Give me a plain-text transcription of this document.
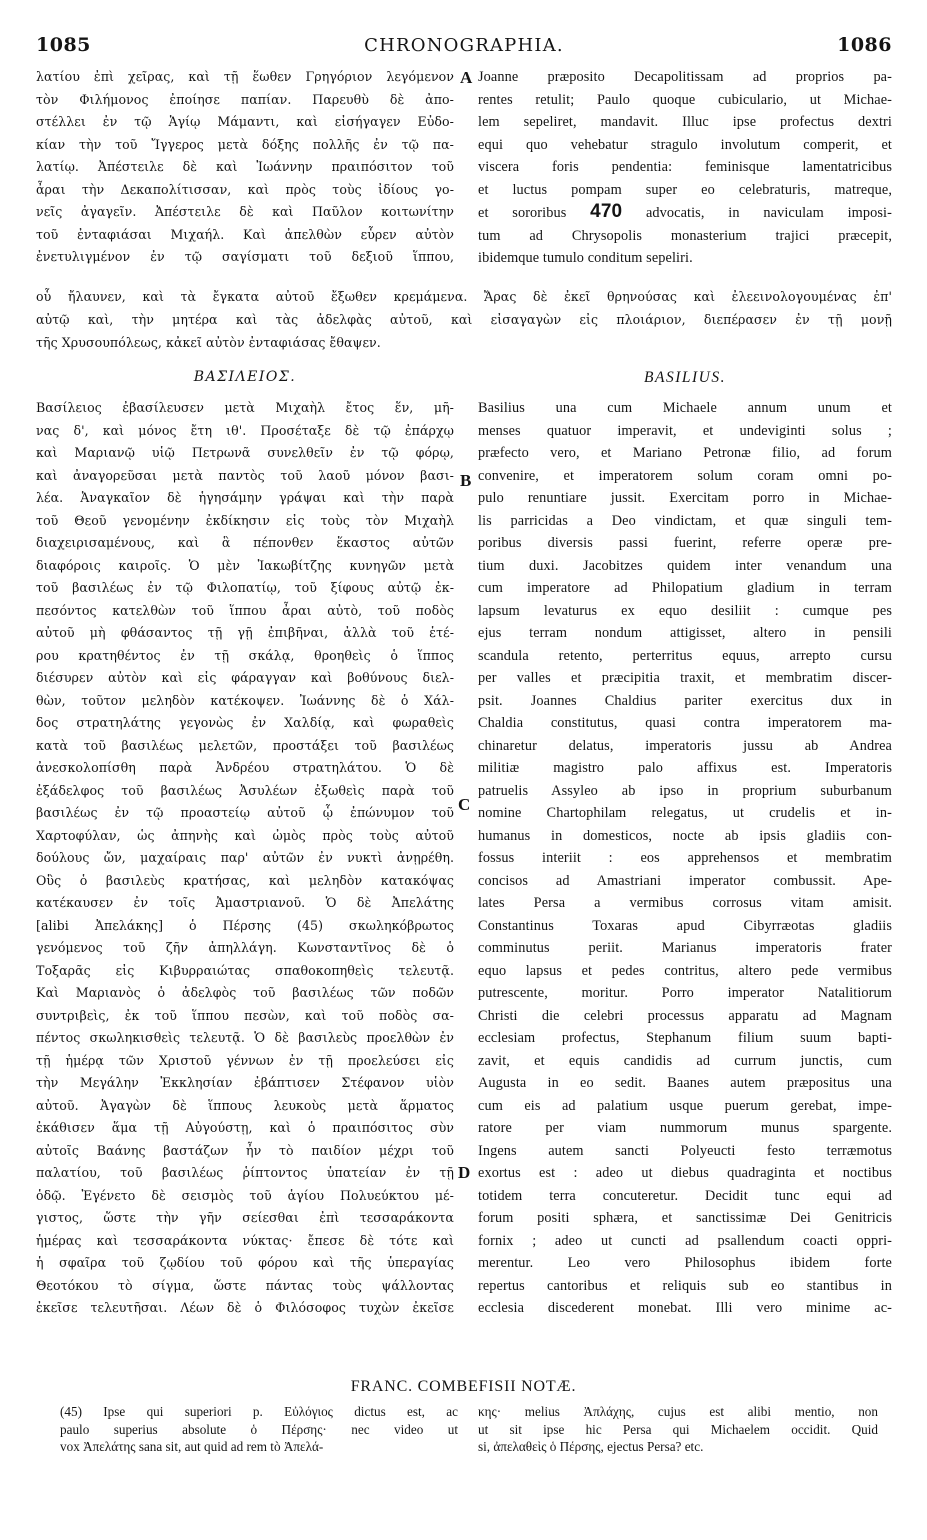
1085	CHRONOGRAPHIA.	1086
λατίου ἐπὶ χεῖρας, καὶ τῇ ἕωθεν Γρηγόριον λεγόμενον
τὸν Φιλήμονος ἐποίησε παπίαν. Παρευθὺ δὲ ἀπο-
στέλλει ἐν τῷ Ἁγίῳ Μάμαντι, καὶ εἰσήγαγεν Εὐδο-
κίαν τὴν τοῦ Ἴγγερος μετὰ δόξης πολλῆς ἐν τῷ πα-
λατίῳ. Ἀπέστειλε δὲ καὶ Ἰωάννην πραιπόσιτον τοῦ
ἆραι τὴν Δεκαπολίτισσαν, καὶ πρὸς τοὺς ἰδίους γο-
νεῖς ἀγαγεῖν. Ἀπέστειλε δὲ καὶ Παῦλον κοιτωνίτην
τοῦ ἐνταφιάσαι Μιχαήλ. Καὶ ἀπελθὼν εὗρεν αὐτὸν
ἐνετυλιγμένον ἐν τῷ σαγίσματι τοῦ δεξιοῦ ἵππου,
A Joanne præposito Decapolitissam ad proprios pa-
rentes retulit; Paulo quoque cubiculario, ut Michae-
lem sepeliret, mandavit. Illuc ipse profectus dextri
equi quo vehebatur stragulo involutum comperit, et
viscera foris pendentia: feminisque lamentatricibus
et luctus pompam super eo celebraturis, matreque,
et sororibus 470 advocatis, in naviculam imposi-
tum ad Chrysopolis monasterium trajici præcepit,
ibidemque tumulo conditum sepeliri.
οὗ ἤλαυνεν, καὶ τὰ ἔγκατα αὐτοῦ ἔξωθεν κρεμάμενα. Ἄρας δὲ ἐκεῖ θρηνούσας καὶ ἐλεεινολογουμένας ἐπ'
αὐτῷ καὶ, τὴν μητέρα καὶ τὰς ἀδελφὰς αὐτοῦ, καὶ εἰσαγαγὼν εἰς πλοιάριον, διεπέρασεν ἐν τῇ μονῇ
τῆς Χρυσουπόλεως, κἀκεῖ αὐτὸν ἐνταφιάσας ἔθαψεν.
ΒΑΣΙΛΕΙΟΣ.	BASILIUS.
Βασίλειος ἐβασίλευσεν μετὰ Μιχαὴλ ἔτος ἕν, μῆ-
νας δ', καὶ μόνος ἔτη ιθ'. Προσέταξε δὲ τῷ ἐπάρχῳ
καὶ Μαριανῷ υἱῷ Πετρωνᾶ συνελθεῖν ἐν τῷ φόρῳ,
καὶ ἀναγορεῦσαι μετὰ παντὸς τοῦ λαοῦ μόνον βασι-
λέα. Ἀναγκαῖον δὲ ἡγησάμην γράψαι καὶ τὴν παρὰ
τοῦ Θεοῦ γενομένην ἐκδίκησιν εἰς τοὺς τὸν Μιχαὴλ
διαχειρισαμένους, καὶ ἃ πέπονθεν ἕκαστος αὐτῶν
διαφόροις καιροῖς. Ὁ μὲν Ἰακωβίτζης κυνηγῶν μετὰ
τοῦ βασιλέως ἐν τῷ Φιλοπατίῳ, τοῦ ξίφους αὐτῷ ἐκ-
πεσόντος κατελθὼν τοῦ ἵππου ἆραι αὐτὸ, τοῦ ποδὸς
αὐτοῦ μὴ φθάσαντος τῇ γῇ ἐπιβῆναι, ἀλλὰ τοῦ ἑτέ-
ρου κρατηθέντος ἐν τῇ σκάλᾳ, θροηθεὶς ὁ ἵππος
διέσυρεν αὐτὸν καὶ εἰς φάραγγαν καὶ βοθύνους διελ-
θὼν, τοῦτον μεληδὸν κατέκοψεν. Ἰωάννης δὲ ὁ Χάλ-
δος στρατηλάτης γεγονὼς ἐν Χαλδίᾳ, καὶ φωραθεὶς
κατὰ τοῦ βασιλέως μελετῶν, προστάξει τοῦ βασιλέως
ἀνεσκολοπίσθη παρὰ Ἀνδρέου στρατηλάτου. Ὁ δὲ
ἐξάδελφος τοῦ βασιλέως Ἀσυλέων ἐξωθεὶς παρὰ τοῦ
βασιλέως ἐν τῷ προαστείῳ αὐτοῦ ᾧ ἐπώνυμον τοῦ
Χαρτοφύλαν, ὡς ἀπηνὴς καὶ ὠμὸς πρὸς τοὺς αὐτοῦ
δούλους ὤν, μαχαίραις παρ' αὐτῶν ἐν νυκτὶ ἀνῃρέθη.
Οὓς ὁ βασιλεὺς κρατήσας, καὶ μεληδὸν κατακόψας
κατέκαυσεν ἐν τοῖς Ἀμαστριανοῦ. Ὁ δὲ Ἀπελάτης
[alibi Ἀπελάκης] ὁ Πέρσης (45) σκωληκόβρωτος
γενόμενος τοῦ ζῆν ἀπηλλάγη. Κωνσταντῖνος δὲ ὁ
Τοξαρᾶς εἰς Κιβυρραιώτας σπαθοκοπηθεὶς τελευτᾷ.
Καὶ Μαριανὸς ὁ ἀδελφὸς τοῦ βασιλέως τῶν ποδῶν
συντριβεὶς, ἐκ τοῦ ἵππου πεσὼν, καὶ τοῦ ποδὸς σα-
πέντος σκωληκισθεὶς τελευτᾷ. Ὁ δὲ βασιλεὺς προελθὼν ἐν
τῇ ἡμέρᾳ τῶν Χριστοῦ γέννων ἐν τῇ προελεύσει εἰς
τὴν Μεγάλην Ἐκκλησίαν ἐβάπτισεν Στέφανον υἱὸν
αὐτοῦ. Ἀγαγὼν δὲ ἵππους λευκοὺς μετὰ ἅρματος
ἐκάθισεν ἅμα τῇ Αὐγούστῃ, καὶ ὁ πραιπόσιτος σὺν
αὐτοῖς Βαάνης βαστάζων ἦν τὸ παιδίον μέχρι τοῦ
παλατίου, τοῦ βασιλέως ῥίπτοντος ὑπατείαν ἐν τῇ
ὁδῷ. Ἐγένετο δὲ σεισμὸς τοῦ ἁγίου Πολυεύκτου μέ-
γιστος, ὥστε τὴν γῆν σείεσθαι ἐπὶ τεσσαράκοντα
ἡμέρας καὶ τεσσαράκοντα νύκτας· ἔπεσε δὲ τότε καὶ
ἡ σφαῖρα τοῦ ζῳδίου τοῦ φόρου καὶ τῆς ὑπεραγίας
Θεοτόκου τὸ σίγμα, ὥστε πάντας τοὺς ψάλλοντας
ἐκεῖσε τελευτῆσαι. Λέων δὲ ὁ Φιλόσοφος τυχὼν ἐκεῖσε
B
C
D
Basilius una cum Michaele annum unum et
menses quatuor imperavit, et undeviginti solus ;
præfecto vero, et Mariano Petronæ filio, ad forum
convenire, et imperatorem solum coram omni po-
pulo renuntiare jussit. Exercitam porro in Michae-
lis parricidas a Deo vindictam, et quæ singuli tem-
poribus diversis passi fuerint, referre operæ pre-
tium duxi. Jacobitzes quidem inter venandum una
cum imperatore ad Philopatium gladium in terram
lapsum levaturus ex equo desiliit : cumque pes
ejus terram nondum attigisset, altero in pensili
scandula retento, perterritus equus, arrepto cursu
per valles et præcipitia traxit, et membratim discer-
psit. Joannes Chaldius pariter exercitus dux in
Chaldia constitutus, quasi contra imperatorem ma-
chinaretur delatus, imperatoris jussu ab Andrea
militiæ magistro palo affixus est. Imperatoris
patruelis Assyleo ab ipso in proprium suburbanum
nomine Chartophilam relegatus, ut crudelis et in-
humanus in domesticos, nocte ab ipsis gladiis con-
fossus interiit : eos apprehensos et membratim
concisos ad Amastriani imperator combussit. Ape-
lates Persa a vermibus corrosus vitam amisit.
Constantinus Toxaras apud Cibyrræotas gladiis
comminutus periit. Marianus imperatoris frater
equo lapsus et pedes contritus, altero pede vermibus
putrescente, moritur. Porro imperator Natalitiorum
Christi die celebri processus apparatu ad Magnam
ecclesiam profectus, Stephanum filium suum bapti-
zavit, et equis candidis ad currum junctis, cum
Augusta in eo sedit. Baanes autem præpositus una
cum eis ad palatium usque puerum gerebat, impe-
ratore per viam nummorum munus spargente.
Ingens autem sancti Polyeucti festo terræmotus
exortus est : adeo ut diebus quadraginta et noctibus
totidem terra concuteretur. Decidit tunc equi ad
forum positi sphæra, et sanctissimæ Dei Genitricis
fornix ; adeo ut cuncti ad psallendum coacti oppri-
merentur. Leo vero Philosophus ibidem forte
repertus cantoribus et reliquis sub eo stantibus in
ecclesia discederent monebat. Illi vero minime ac-
FRANC. COMBEFISII NOTÆ.
(45) Ipse qui superiori p. Εὐλόγιος dictus est, ac
paulo superius absolute ὁ Πέρσης· nec video ut
vox Ἀπελάτης sana sit, aut quid ad rem tò Ἀπελά-
κης· melius Ἀπλάχης, cujus est alibi mentio, non
ut sit ipse hic Persa qui Michaelem occidit. Quid
si, ἀπελαθεὶς ὁ Πέρσης, ejectus Persa? etc.
